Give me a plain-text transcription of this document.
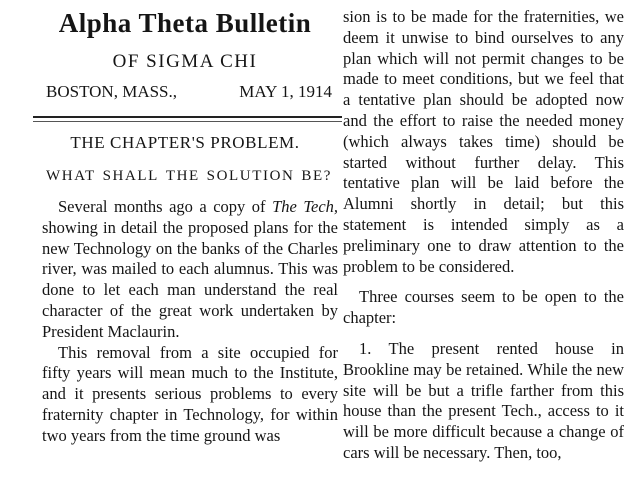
Alpha Theta Bulletin
OF SIGMA CHI
BOSTON, MASS.,	MAY 1, 1914
THE CHAPTER'S PROBLEM.
WHAT SHALL THE SOLUTION BE?

Several months ago a copy of The Tech, showing in detail the proposed plans for the new Technology on the banks of the Charles river, was mailed to each alumnus. This was done to let each man understand the real character of the great work undertaken by President Maclaurin.

This removal from a site occupied for fifty years will mean much to the Institute, and it presents serious problems to every fraternity chapter in Technology, for within two years from the time ground was

sion is to be made for the fraternities, we deem it unwise to bind ourselves to any plan which will not permit changes to be made to meet conditions, but we feel that a tentative plan should be adopted now and the effort to raise the needed money (which always takes time) should be started without further delay. This tentative plan will be laid before the Alumni shortly in detail; but this statement is intended simply as a preliminary one to draw attention to the problem to be considered.

Three courses seem to be open to the chapter:

1. The present rented house in Brookline may be retained. While the new site will be but a trifle farther from this house than the present Tech., access to it will be more difficult because a change of cars will be necessary. Then, too,
